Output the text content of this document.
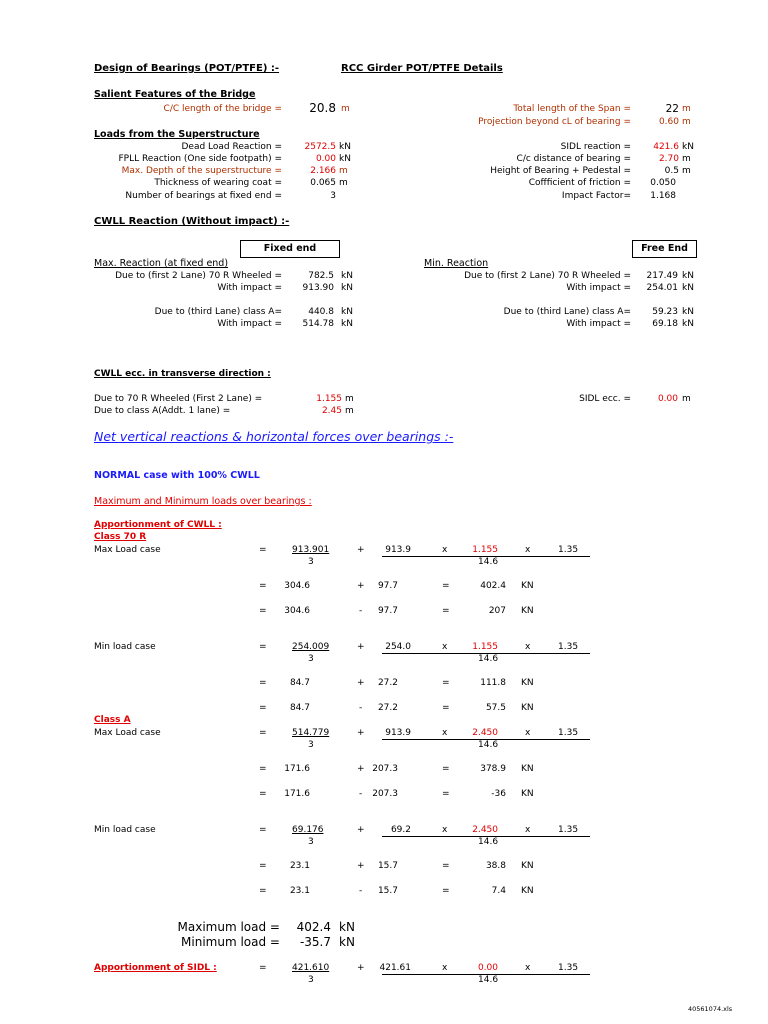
Design of Bearings (POT/PTFE) :-	RCC Girder POT/PTFE Details
Salient Features of the Bridge
C/C length of the bridge = 20.8 m	Total length of the Span =	22 m
Projection beyond cL of bearing =	0.60 m
Loads from the Superstructure
Dead Load Reaction =	2572.5 kN
FPLL Reaction (One side footpath) =	0.00 kN
Max. Depth of the superstructure =	2.166 m
Thickness of wearing coat =	0.065 m
Number of bearings at fixed end =	3
SIDL reaction = 421.6 kN
C/c distance of bearing =	2.70 m
Height of Bearing + Pedestal =	0.5 m
Coffficient of friction = 0.050
Impact Factor= 1.168
CWLL Reaction (Without impact) :-
Fixed end	Free End
Max. Reaction (at fixed end)	Min. Reaction
Due to (first 2 Lane) 70 R Wheeled =	782.5 kN
With impact = 913.90 kN
Due to (third Lane) class A=	440.8 kN
With impact = 514.78 kN
Due to (first 2 Lane) 70 R Wheeled = 217.49 kN
With impact = 254.01 kN
Due to (third Lane) class A= 59.23 kN
With impact = 69.18 kN
CWLL ecc. in transverse direction :
Due to 70 R Wheeled (First 2 Lane) =	1.155 m
Due to class A(Addt. 1 lane) =	2.45 m
SIDL ecc. =	0.00 m
Net vertical reactions & horizontal forces over bearings :-
NORMAL case with 100% CWLL
Maximum and Minimum loads over bearings :
Apportionment of CWLL :
Class 70 R
Class A
Max Load case	=	913.901
3
+ 913.9	x	1.155	x	1.35
14.6
= 304.6	+ 97.7	=	402.4 KN
= 304.6	- 97.7	=	207 KN
Min load case	=	254.009
3
+ 254.0	x	1.155	x	1.35
14.6
=	84.7	+ 27.2	=	111.8 KN
=	84.7	- 27.2	=	57.5 KN
Max Load case	=	514.779
3
+ 913.9	x	2.450	x	1.35
14.6
= 171.6	+ 207.3	=	378.9 KN
= 171.6	- 207.3	=	-36 KN
Min load case	=	69.176
3
+	69.2	x	2.450	x	1.35
14.6
=	23.1	+ 15.7	=	38.8 KN
=	23.1	- 15.7	=	7.4 KN
Maximum load = 402.4 kN
Minimum load = -35.7 kN
Apportionment of SIDL :	=	421.610
3
+ 421.61	x	0.00	x	1.35
14.6
40561074.xls
